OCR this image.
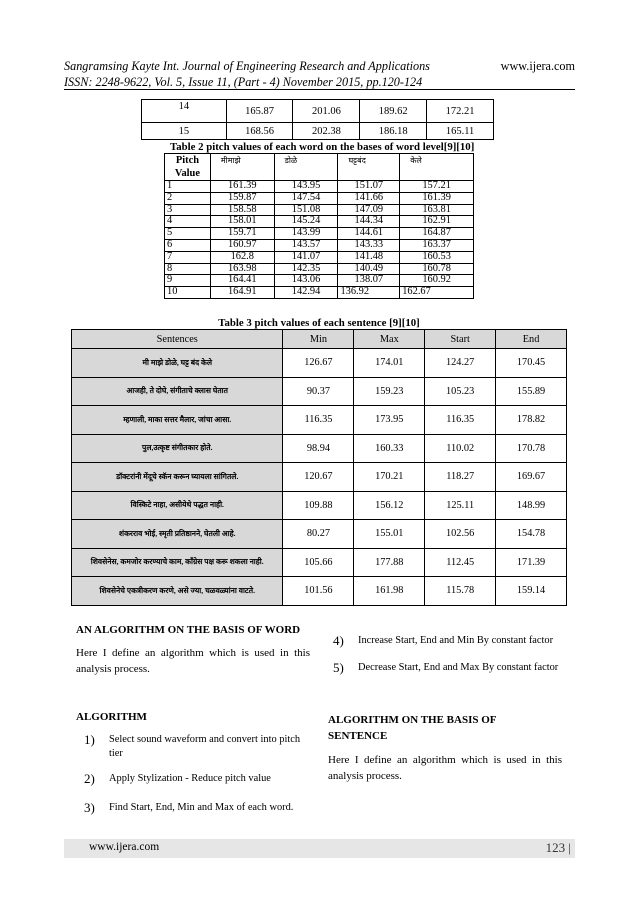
Sangramsing Kayte Int. Journal of Engineering Research and Applications
ISSN: 2248-9622, Vol. 5, Issue 11, (Part - 4) November 2015, pp.120-124
www.ijera.com
14	165.87	201.06	189.62	172.21
15	168.56	202.38	186.18	165.11
Table 2 pitch values of each word on the bases of word level[9][10]
Pitch
Value	मीमाझे	डोळे	घट्टबंद	केले
1	161.39	143.95	151.07	157.21
2	159.87	147.54	141.66	161.39
3	158.58	151.08	147.09	163.81
4	158.01	145.24	144.34	162.91
5	159.71	143.99	144.61	164.87
6	160.97	143.57	143.33	163.37
7	162.8	141.07	141.48	160.53
8	163.98	142.35	140.49	160.78
9	164.41	143.06	138.07	160.92
10	164.91	142.94	136.92	162.67
Table 3 pitch values of each sentence [9][10]
Sentences	Min	Max	Start	End
मी माझे डोळे, घट्ट बंद केले	126.67	174.01	124.27	170.45
आजही, ते दोघे, संगीताचे क्लास घेतात	90.37	159.23	105.23	155.89
म्हणाली, माका सत्तर मैलार, जांचा आसा.	116.35	173.95	116.35	178.82
पुल,उत्कृष्ट संगीतकार होते.	98.94	160.33	110.02	170.78
डॉक्टरांनी मेंदूचे स्कॅन करून घ्यायला सांगितले.	120.67	170.21	118.27	169.67
विस्किटे नाहा, असीयेथे पद्धत नाही.	109.88	156.12	125.11	148.99
शंकरराव भोई, स्मृती प्रतिष्ठानने, घेतली आहे.	80.27	155.01	102.56	154.78
शिवसेनेस, कमजोर करण्याचे काम, कॉंग्रेस पक्ष करू शकला नाही.	105.66	177.88	112.45	171.39
शिवसेनेचे एकत्रीकरण करणे, असे ज्या, चळवळ्यांना वाटते.	101.56	161.98	115.78	159.14
AN ALGORITHM ON THE BASIS OF WORD
Here I define an algorithm which is used in this analysis process.
ALGORITHM
1)	Select sound waveform and convert into pitch tier
2)	Apply Stylization - Reduce pitch value
3)	Find Start, End, Min and Max of each word.
4)	Increase Start, End and Min By constant factor
5)	Decrease Start, End and Max By constant factor
ALGORITHM ON THE BASIS OF SENTENCE
Here I define an algorithm which is used in this analysis process.
www.ijera.com	123 |
